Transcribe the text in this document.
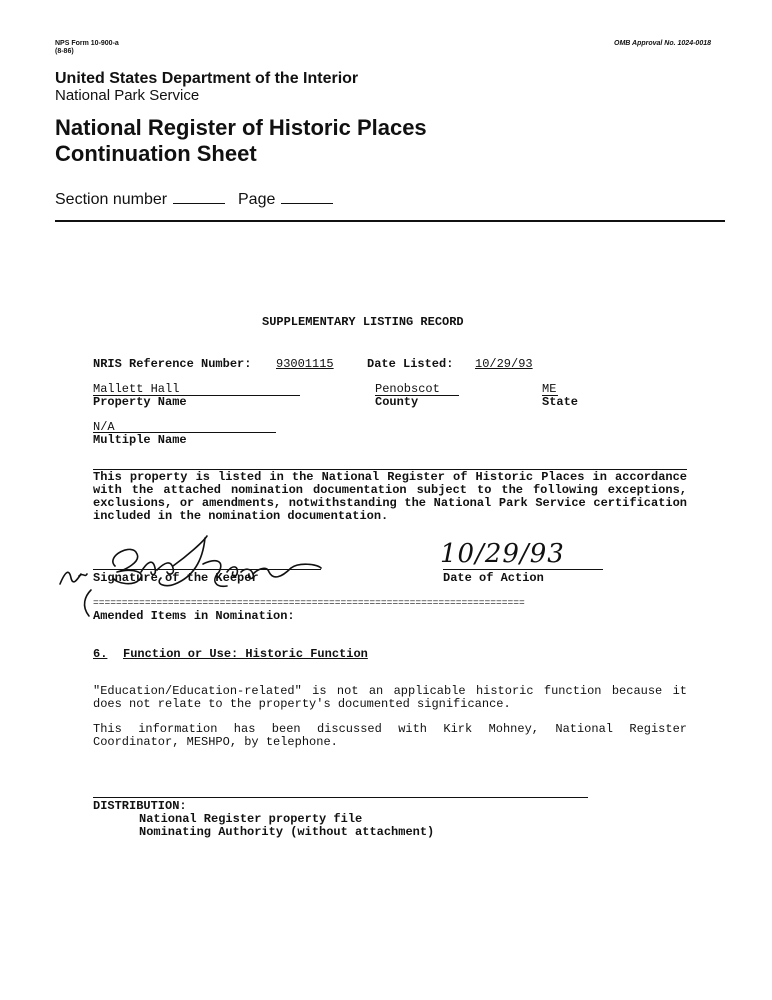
NPS Form 10-900-a
(8-86)
OMB Approval No. 1024-0018
United States Department of the Interior
National Park Service
National Register of Historic Places
Continuation Sheet
Section number	Page
SUPPLEMENTARY LISTING RECORD
NRIS Reference Number: 93001115	Date Listed: 10/29/93
Mallett Hall
Property Name
Penobscot
County
ME
State
N/A
Multiple Name
This property is listed in the National Register of Historic Places in accordance with the attached nomination documentation subject to the following exceptions, exclusions, or amendments, notwithstanding the National Park Service certification included in the nomination documentation.
Signature of the Keeper
10/29/93
Date of Action
===========================================================================
Amended Items in Nomination:
6. Function or Use: Historic Function
"Education/Education-related" is not an applicable historic function because it does not relate to the property's documented significance.
This information has been discussed with Kirk Mohney, National Register Coordinator, MESHPO, by telephone.
DISTRIBUTION:
National Register property file
Nominating Authority (without attachment)
